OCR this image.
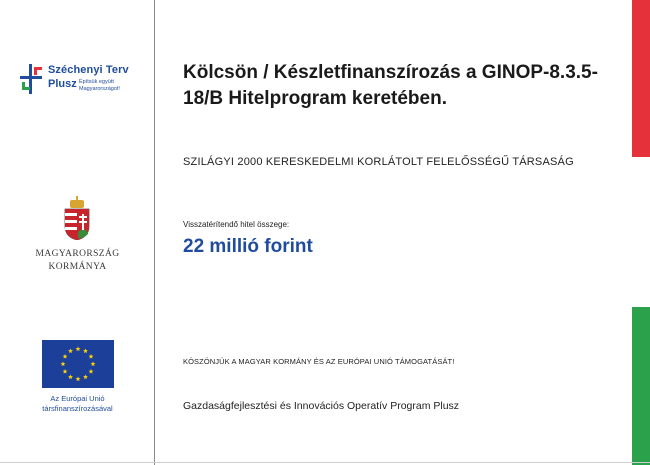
Széchenyi Terv
Plusz Építsük együtt Magyarországot!
MAGYARORSZÁG
KORMÁNYA
Az Európai Unió
társfinanszírozásával
Kölcsön / Készletfinanszírozás a GINOP-8.3.5-18/B Hitelprogram keretében.
SZILÁGYI 2000 KERESKEDELMI KORLÁTOLT FELELŐSSÉGŰ TÁRSASÁG
Visszatérítendő hitel összege:
22 millió forint
KÖSZÖNJÜK A MAGYAR KORMÁNY ÉS AZ EURÓPAI UNIÓ TÁMOGATÁSÁT!
Gazdaságfejlesztési és Innovációs Operatív Program Plusz
